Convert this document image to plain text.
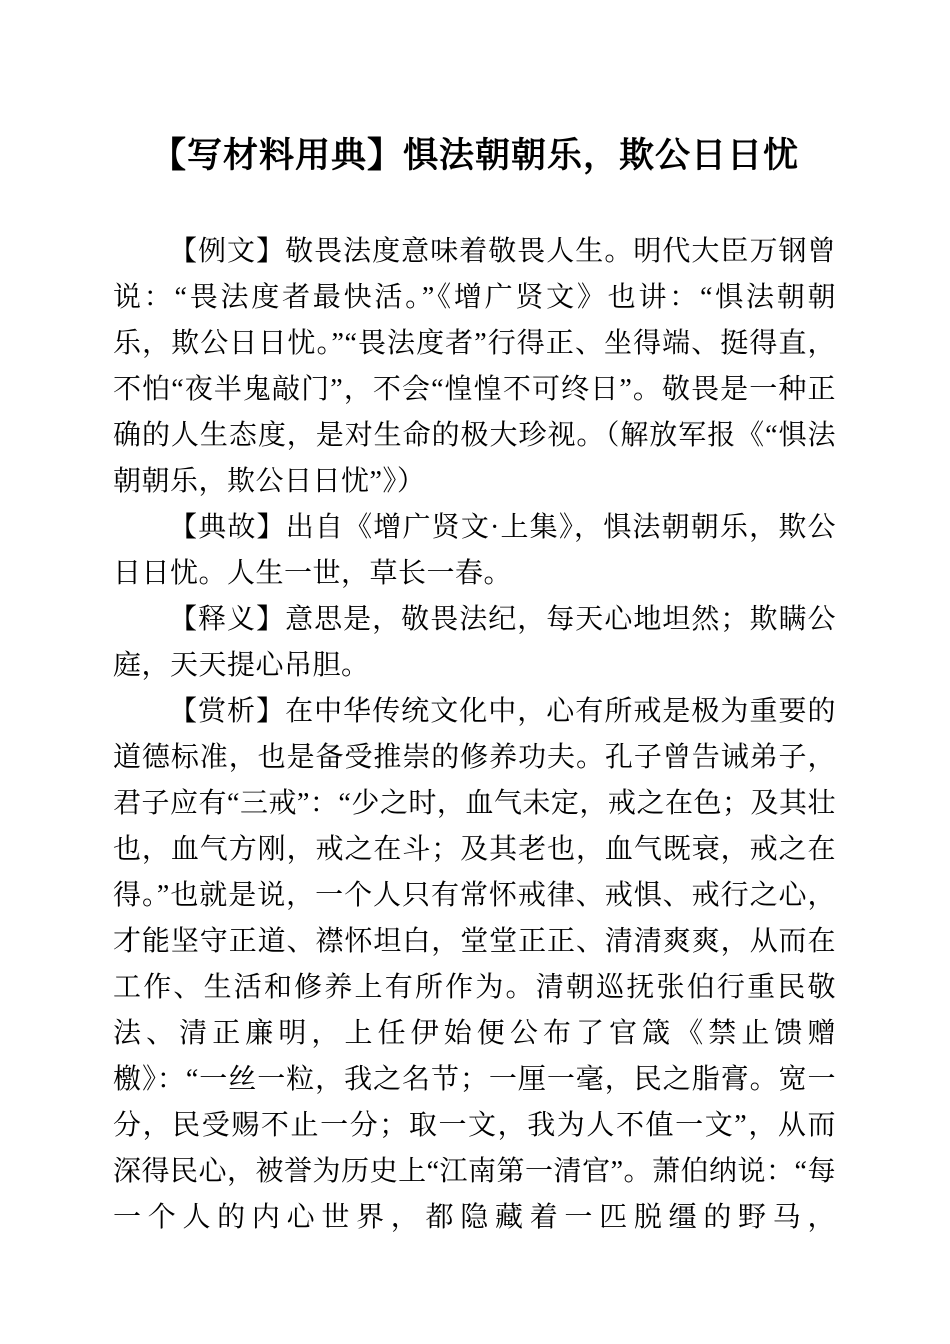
【写材料用典】惧法朝朝乐，欺公日日忧

【例文】敬畏法度意味着敬畏人生。明代大臣万钢曾说：“畏法度者最快活。”《增广贤文》也讲：“惧法朝朝乐，欺公日日忧。”“畏法度者”行得正、坐得端、挺得直，不怕“夜半鬼敲门”，不会“惶惶不可终日”。敬畏是一种正确的人生态度，是对生命的极大珍视。（解放军报《“惧法朝朝乐，欺公日日忧”》）

【典故】出自《增广贤文·上集》，惧法朝朝乐，欺公日日忧。人生一世，草长一春。

【释义】意思是，敬畏法纪，每天心地坦然；欺瞒公庭，天天提心吊胆。

【赏析】在中华传统文化中，心有所戒是极为重要的道德标准，也是备受推崇的修养功夫。孔子曾告诫弟子，君子应有“三戒”：“少之时，血气未定，戒之在色；及其壮也，血气方刚，戒之在斗；及其老也，血气既衰，戒之在得。”也就是说，一个人只有常怀戒律、戒惧、戒行之心，才能坚守正道、襟怀坦白，堂堂正正、清清爽爽，从而在工作、生活和修养上有所作为。清朝巡抚张伯行重民敬法、清正廉明，上任伊始便公布了官箴《禁止馈赠檄》：“一丝一粒，我之名节；一厘一毫，民之脂膏。宽一分，民受赐不止一分；取一文，我为人不值一文”，从而深得民心，被誉为历史上“江南第一清官”。萧伯纳说：“每一个人的内心世界，都隐藏着一匹脱缰的野马，
